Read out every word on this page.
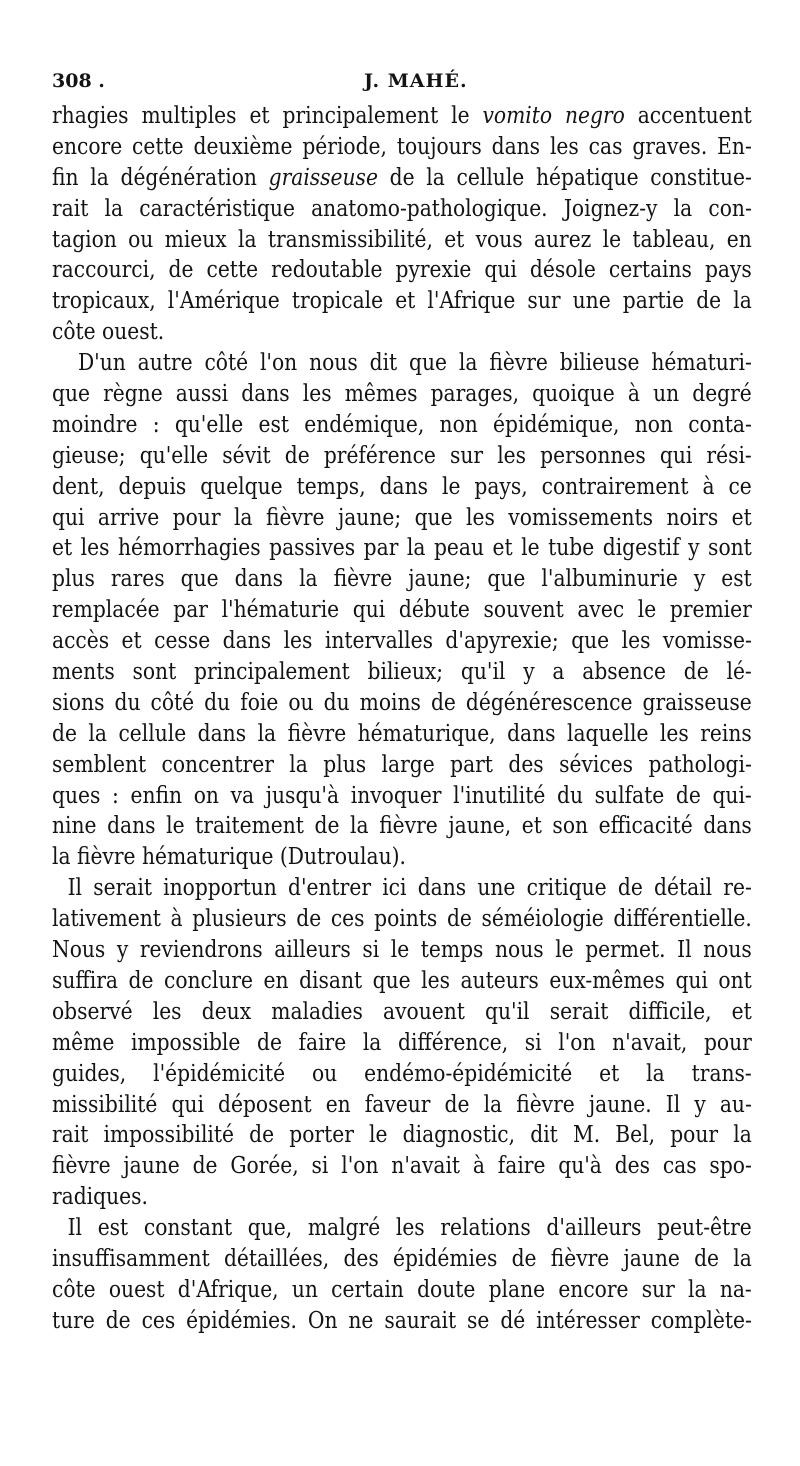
308 .	J. MAHÉ.
rhagies multiples et principalement le vomito negro accentuent
encore cette deuxième période, toujours dans les cas graves. En-
fin la dégénération graisseuse de la cellule hépatique constitue-
rait la caractéristique anatomo-pathologique. Joignez-y la con-
tagion ou mieux la transmissibilité, et vous aurez le tableau, en
raccourci, de cette redoutable pyrexie qui désole certains pays
tropicaux, l'Amérique tropicale et l'Afrique sur une partie de la
côte ouest.
D'un autre côté l'on nous dit que la fièvre bilieuse hématuri-
que règne aussi dans les mêmes parages, quoique à un degré
moindre : qu'elle est endémique, non épidémique, non conta-
gieuse; qu'elle sévit de préférence sur les personnes qui rési-
dent, depuis quelque temps, dans le pays, contrairement à ce
qui arrive pour la fièvre jaune; que les vomissements noirs et
et les hémorrhagies passives par la peau et le tube digestif y sont
plus rares que dans la fièvre jaune; que l'albuminurie y est
remplacée par l'hématurie qui débute souvent avec le premier
accès et cesse dans les intervalles d'apyrexie; que les vomisse-
ments sont principalement bilieux; qu'il y a absence de lé-
sions du côté du foie ou du moins de dégénérescence graisseuse
de la cellule dans la fièvre hématurique, dans laquelle les reins
semblent concentrer la plus large part des sévices pathologi-
ques : enfin on va jusqu'à invoquer l'inutilité du sulfate de qui-
nine dans le traitement de la fièvre jaune, et son efficacité dans
la fièvre hématurique (Dutroulau).
Il serait inopportun d'entrer ici dans une critique de détail re-
lativement à plusieurs de ces points de séméiologie différentielle.
Nous y reviendrons ailleurs si le temps nous le permet. Il nous
suffira de conclure en disant que les auteurs eux-mêmes qui ont
observé les deux maladies avouent qu'il serait difficile, et
même impossible de faire la différence, si l'on n'avait, pour
guides, l'épidémicité ou endémo-épidémicité et la trans-
missibilité qui déposent en faveur de la fièvre jaune. Il y au-
rait impossibilité de porter le diagnostic, dit M. Bel, pour la
fièvre jaune de Gorée, si l'on n'avait à faire qu'à des cas spo-
radiques.
Il est constant que, malgré les relations d'ailleurs peut-être
insuffisamment détaillées, des épidémies de fièvre jaune de la
côte ouest d'Afrique, un certain doute plane encore sur la na-
ture de ces épidémies. On ne saurait se dé intéresser complète-
